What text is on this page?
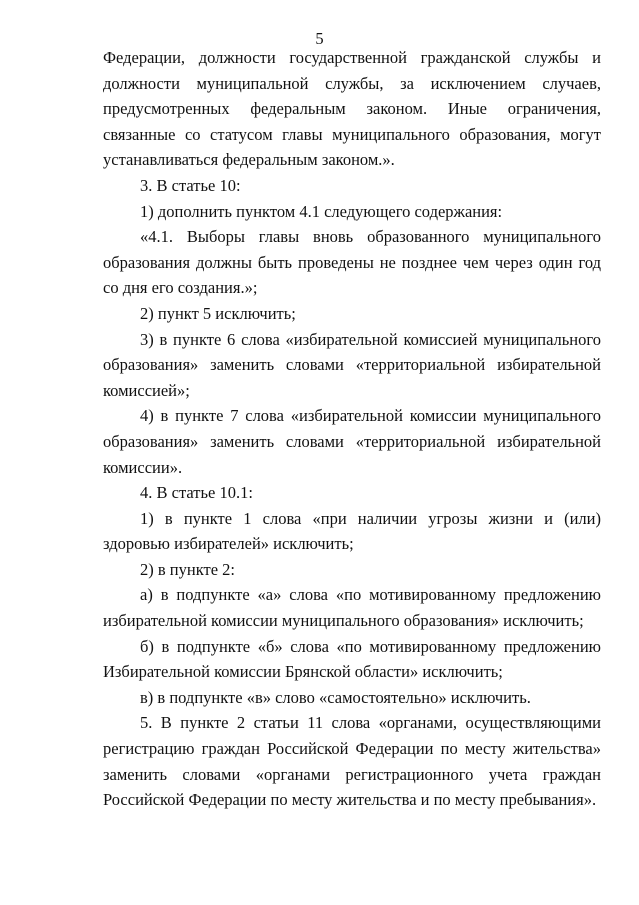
5

Федерации, должности государственной гражданской службы и должности муниципальной службы, за исключением случаев, предусмотренных федеральным законом. Иные ограничения, связанные со статусом главы муниципального образования, могут устанавливаться федеральным законом.».

3. В статье 10:

1) дополнить пунктом 4.1 следующего содержания:

«4.1. Выборы главы вновь образованного муниципального образования должны быть проведены не позднее чем через один год со дня его создания.»;

2) пункт 5 исключить;

3) в пункте 6 слова «избирательной комиссией муниципального образования» заменить словами «территориальной избирательной комиссией»;

4) в пункте 7 слова «избирательной комиссии муниципального образования» заменить словами «территориальной избирательной комиссии».

4. В статье 10.1:

1) в пункте 1 слова «при наличии угрозы жизни и (или) здоровью избирателей» исключить;

2) в пункте 2:

а) в подпункте «а» слова «по мотивированному предложению избирательной комиссии муниципального образования» исключить;

б) в подпункте «б» слова «по мотивированному предложению Избирательной комиссии Брянской области» исключить;

в) в подпункте «в» слово «самостоятельно» исключить.

5. В пункте 2 статьи 11 слова «органами, осуществляющими регистрацию граждан Российской Федерации по месту жительства» заменить словами «органами регистрационного учета граждан Российской Федерации по месту жительства и по месту пребывания».
